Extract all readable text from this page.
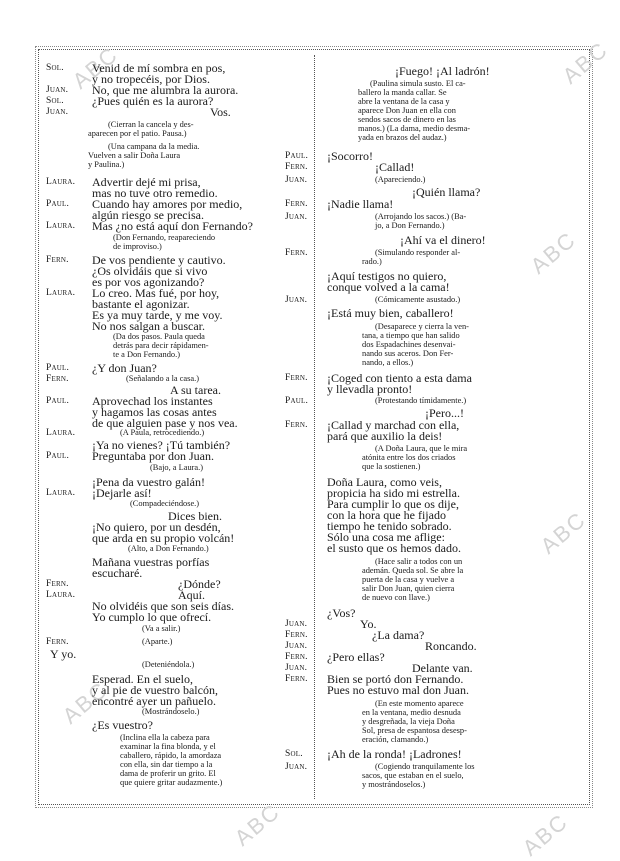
ABC	ABC
ABC
ABC
ABC
ABC	ABC
Sol. Venid de mí sombra en pos,
y no tropecéis, por Dios.
Juan. No, que me alumbra la aurora.
Sol. ¿Pues quién es la aurora?
Juan.	Vos.
(Cierran la cancela y des-
aparecen por el patio. Pausa.)
(Una campana da la media.
Vuelven a salir Doña Laura
y Paulina.)
Laura. Advertir dejé mi prisa,
mas no tuve otro remedio.
Paul. Cuando hay amores por medio,
algún riesgo se precisa.
Laura. Mas ¿no está aquí don Fernando?
(Don Fernando, reapareciendo
de improviso.)
Fern. De vos pendiente y cautivo.
¿Os olvidáis que si vivo
es por vos agonizando?
Laura. Lo creo. Mas fué, por hoy,
bastante el agonizar.
Es ya muy tarde, y me voy.
No nos salgan a buscar.
(Da dos pasos. Paula queda
detrás para decir rápidamen-
te a Don Fernando.)
Paul. ¿Y don Juan?
Fern.	(Señalando a la casa.)
A su tarea.
Paul. Aprovechad los instantes
y hagamos las cosas antes
de que alguien pase y nos vea.
Laura.	(A Paula, retrocediendo.)
¡Ya no vienes? ¡Tú también?
Paul. Preguntaba por don Juan.
(Bajo, a Laura.)
¡Pena da vuestro galán!
Laura. ¡Dejarle así!
(Compadeciéndose.)
Dices bien.
¡No quiero, por un desdén,
que arda en su propio volcán!
(Alto, a Don Fernando.)
Mañana vuestras porfías
escucharé.
Fern.	¿Dónde?
Laura.	Aquí.
No olvidéis que son seis días.
Yo cumplo lo que ofrecí.
(Va a salir.)
Fern.	(Aparte.)
Y yo.
(Deteniéndola.)
Esperad. En el suelo,
y al pie de vuestro balcón,
encontré ayer un pañuelo.
(Mostrándoselo.)
¿Es vuestro?
(Inclina ella la cabeza para
examinar la fina blonda, y el
caballero, rápido, la amordaza
con ella, sin dar tiempo a la
dama de proferir un grito. El
que quiere gritar audazmente.)
¡Fuego! ¡Al ladrón!
(Paulina simula susto. El ca-
ballero la manda callar. Se
abre la ventana de la casa y
aparece Don Juan en ella con
sendos sacos de dinero en las
manos.) (La dama, medio desma-
yada en brazos del audaz.)
Paul. ¡Socorro!
Fern.	¡Callad!
Juan.	(Apareciendo.)
¡Quién llama?
Fern. ¡Nadie llama!
Juan.	(Arrojando los sacos.) (Ba-
jo, a Don Fernando.)
¡Ahí va el dinero!
Fern.	(Simulando responder al-
rado.)
¡Aquí testigos no quiero,
conque volved a la cama!
Juan.	(Cómicamente asustado.)
¡Está muy bien, caballero!
(Desaparece y cierra la ven-
tana, a tiempo que han salido
dos Espadachines desenvai-
nando sus aceros. Don Fer-
nando, a ellos.)
Fern. ¡Coged con tiento a esta dama
y llevadla pronto!
Paul.	(Protestando tímidamente.)
¡Pero...!
Fern. ¡Callad y marchad con ella,
pará que auxilio la deis!
(A Doña Laura, que le mira
atónita entre los dos criados
que la sostienen.)
Doña Laura, como veis,
propicia ha sido mi estrella.
Para cumplir lo que os dije,
con la hora que he fijado
tiempo he tenido sobrado.
Sólo una cosa me aflige:
el susto que os hemos dado.
(Hace salir a todos con un
ademán. Queda sol. Se abre la
puerta de la casa y vuelve a
salir Don Juan, quien cierra
de nuevo con llave.)
¿Vos?
Juan.	Yo.
Fern.	¿La dama?
Juan.	Roncando.
Fern. ¿Pero ellas?
Juan.	Delante van.
Fern. Bien se portó don Fernando.
Pues no estuvo mal don Juan.
(En este momento aparece
en la ventana, medio desnuda
y desgreñada, la vieja Doña
Sol, presa de espantosa desesp-
eración, clamando.)
Sol. ¡Ah de la ronda! ¡Ladrones!
Juan.	(Cogiendo tranquilamente los
sacos, que estaban en el suelo,
y mostrándoselos.)
